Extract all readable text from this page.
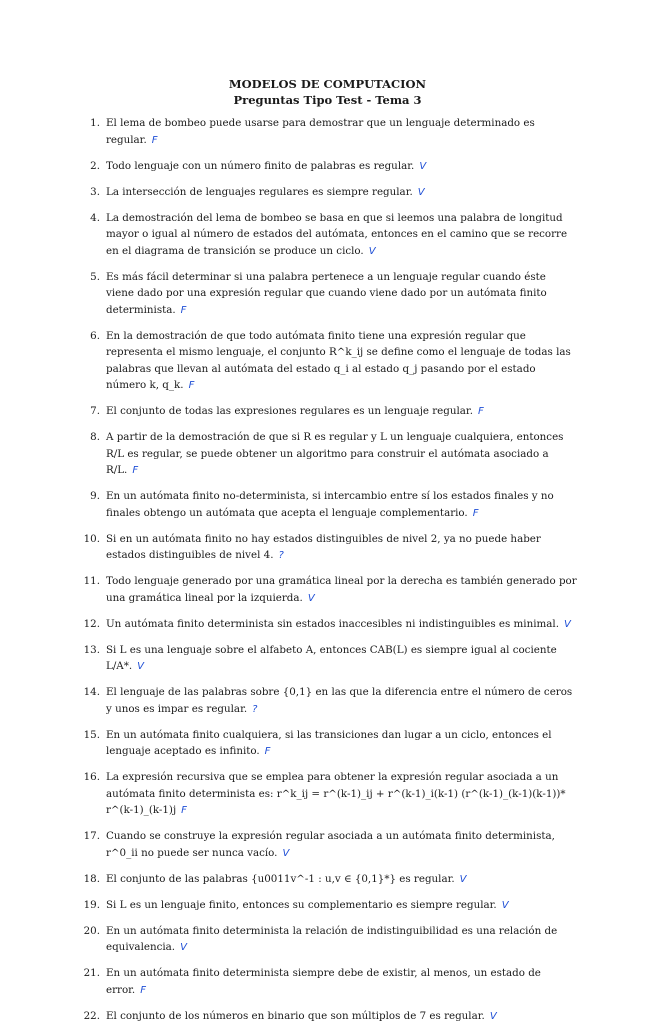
MODELOS DE COMPUTACION
Preguntas Tipo Test - Tema 3
1. El lema de bombeo puede usarse para demostrar que un lenguaje determinado es regular. F
2. Todo lenguaje con un número finito de palabras es regular. V
3. La intersección de lenguajes regulares es siempre regular. V
4. La demostración del lema de bombeo se basa en que si leemos una palabra de longitud mayor o igual al número de estados del autómata, entonces en el camino que se recorre en el diagrama de transición se produce un ciclo. V
5. Es más fácil determinar si una palabra pertenece a un lenguaje regular cuando éste viene dado por una expresión regular que cuando viene dado por un autómata finito determinista. F
6. En la demostración de que todo autómata finito tiene una expresión regular que representa el mismo lenguaje, el conjunto R^k_ij se define como el lenguaje de todas las palabras que llevan al autómata del estado q_i al estado q_j pasando por el estado número k, q_k. F
7. El conjunto de todas las expresiones regulares es un lenguaje regular. F
8. A partir de la demostración de que si R es regular y L un lenguaje cualquiera, entonces R/L es regular, se puede obtener un algoritmo para construir el autómata asociado a R/L. F
9. En un autómata finito no-determinista, si intercambio entre sí los estados finales y no finales obtengo un autómata que acepta el lenguaje complementario. F
10. Si en un autómata finito no hay estados distinguibles de nivel 2, ya no puede haber estados distinguibles de nivel 4. ?
11. Todo lenguaje generado por una gramática lineal por la derecha es también generado por una gramática lineal por la izquierda. V
12. Un autómata finito determinista sin estados inaccesibles ni indistinguibles es minimal. V
13. Si L es una lenguaje sobre el alfabeto A, entonces CAB(L) es siempre igual al cociente L/A*. V
14. El lenguaje de las palabras sobre {0,1} en las que la diferencia entre el número de ceros y unos es impar es regular. ?
15. En un autómata finito cualquiera, si las transiciones dan lugar a un ciclo, entonces el lenguaje aceptado es infinito. F
16. La expresión recursiva que se emplea para obtener la expresión regular asociada a un autómata finito determinista es: r^k_ij = r^(k-1)_ij + r^(k-1)_i(k-1) (r^(k-1)_(k-1)(k-1))* r^(k-1)_(k-1)j F
17. Cuando se construye la expresión regular asociada a un autómata finito determinista, r^0_ii no puede ser nunca vacío. V
18. El conjunto de las palabras {u0011v^-1 : u,v ∈ {0,1}*} es regular. V
19. Si L es un lenguaje finito, entonces su complementario es siempre regular. V
20. En un autómata finito determinista la relación de indistinguibilidad es una relación de equivalencia. V
21. En un autómata finito determinista siempre debe de existir, al menos, un estado de error. F
22. El conjunto de los números en binario que son múltiplos de 7 es regular. V
